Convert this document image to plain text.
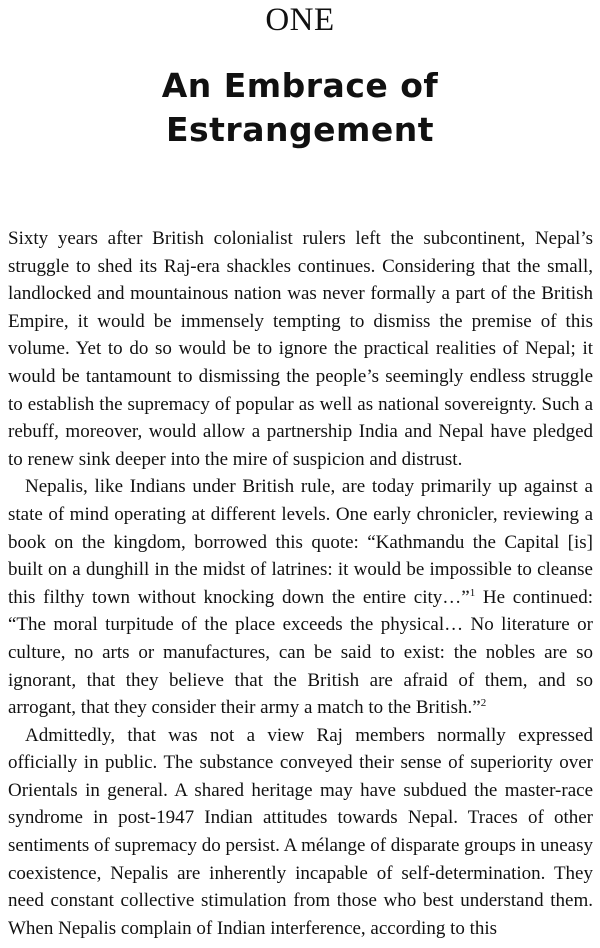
ONE
An Embrace of
Estrangement

Sixty years after British colonialist rulers left the subcontinent, Nepal’s struggle to shed its Raj-era shackles continues. Considering that the small, landlocked and mountainous nation was never formally a part of the British Empire, it would be immensely tempting to dismiss the premise of this volume. Yet to do so would be to ignore the practical realities of Nepal; it would be tantamount to dismissing the people’s seemingly endless struggle to establish the supremacy of popular as well as national sovereignty. Such a rebuff, moreover, would allow a partnership India and Nepal have pledged to renew sink deeper into the mire of suspicion and distrust.

Nepalis, like Indians under British rule, are today primarily up against a state of mind operating at different levels. One early chronicler, reviewing a book on the kingdom, borrowed this quote: “Kathmandu the Capital [is] built on a dunghill in the midst of latrines: it would be impossible to cleanse this filthy town without knocking down the entire city…”$^1$ He continued: “The moral turpitude of the place exceeds the physical… No literature or culture, no arts or manufactures, can be said to exist: the nobles are so ignorant, that they believe that the British are afraid of them, and so arrogant, that they consider their army a match to the British.”$^2$

Admittedly, that was not a view Raj members normally expressed officially in public. The substance conveyed their sense of superiority over Orientals in general. A shared heritage may have subdued the master-race syndrome in post-1947 Indian attitudes towards Nepal. Traces of other sentiments of supremacy do persist. A mélange of disparate groups in uneasy coexistence, Nepalis are inherently incapable of self-determination. They need constant collective stimulation from those who best understand them. When Nepalis complain of Indian interference, according to this
